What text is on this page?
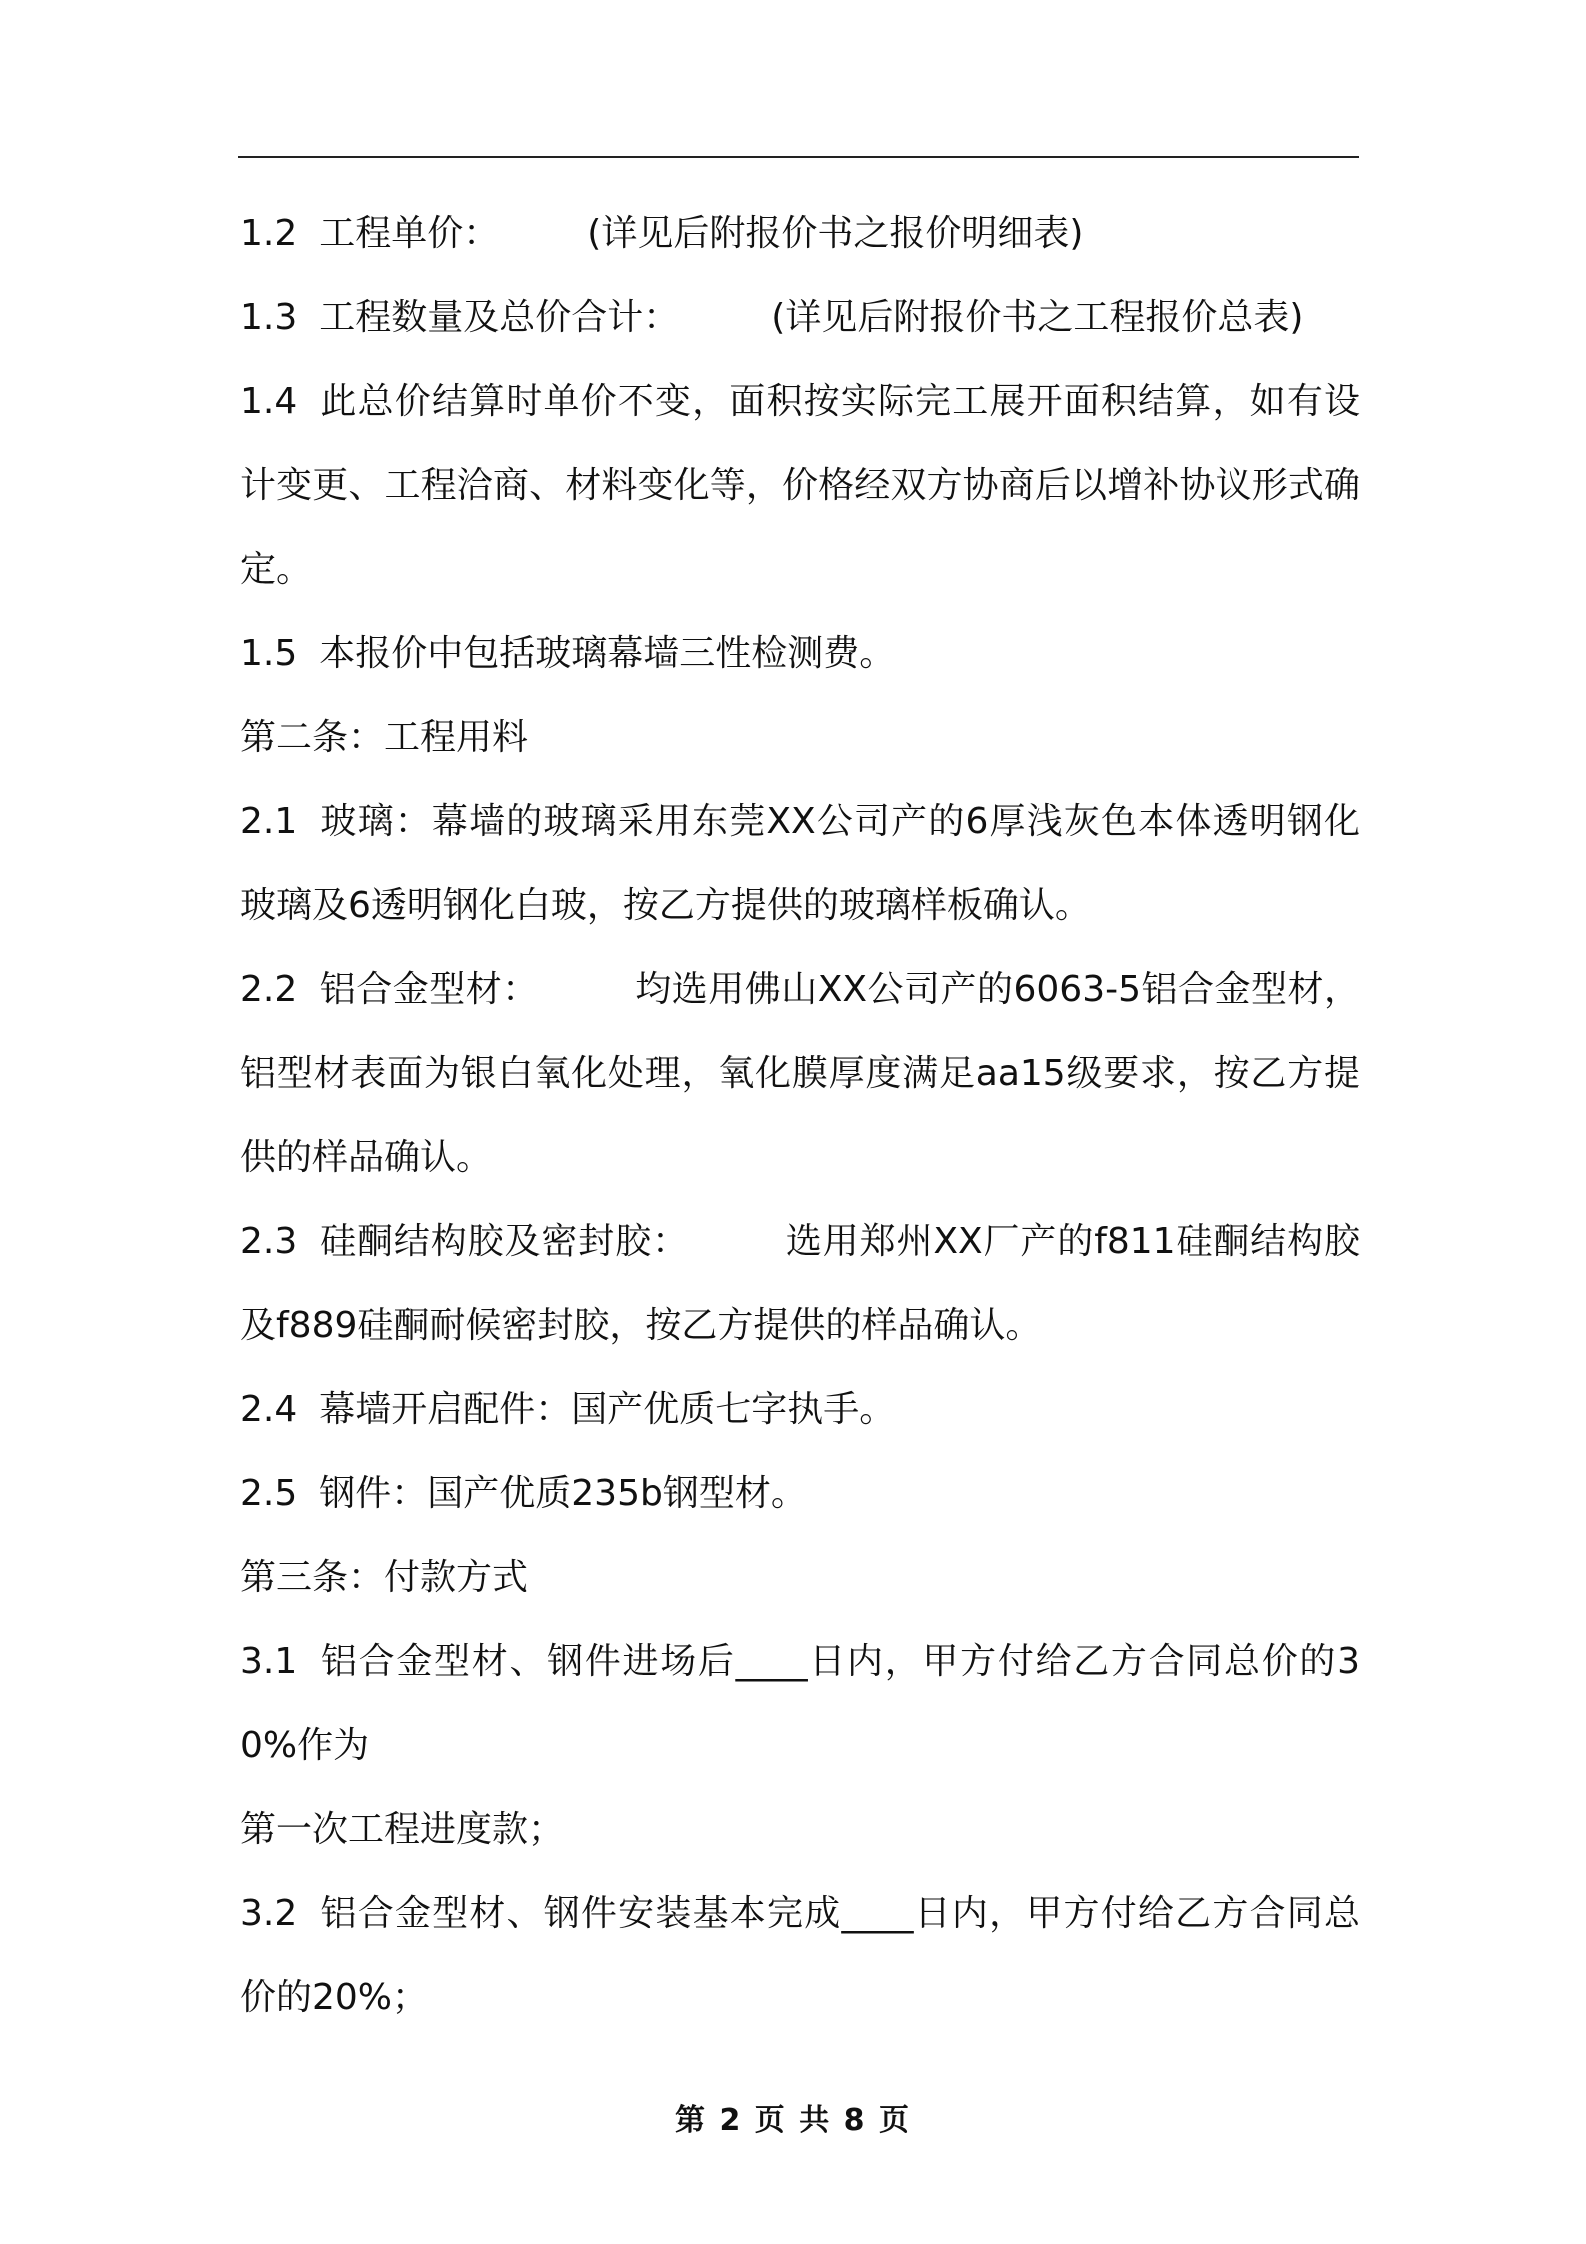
1.2 工程单价： (详见后附报价书之报价明细表)

1.3 工程数量及总价合计：	(详见后附报价书之工程报价总表)

1.4 此总价结算时单价不变，面积按实际完工展开面积结算，如有设计变更、工程洽商、材料变化等，价格经双方协商后以增补协议形式确定。

1.5 本报价中包括玻璃幕墙三性检测费。

第二条：工程用料

2.1 玻璃：幕墙的玻璃采用东莞XX公司产的6厚浅灰色本体透明钢化玻璃及6透明钢化白玻，按乙方提供的玻璃样板确认。

2.2 铝合金型材：	均选用佛山XX公司产的6063-5铝合金型材，铝型材表面为银白氧化处理，氧化膜厚度满足aa15级要求，按乙方提供的样品确认。

2.3 硅酮结构胶及密封胶：	选用郑州XX厂产的f811硅酮结构胶及f889硅酮耐候密封胶，按乙方提供的样品确认。

2.4 幕墙开启配件：国产优质七字执手。

2.5 钢件：国产优质235b钢型材。

第三条：付款方式

3.1 铝合金型材、钢件进场后____日内，甲方付给乙方合同总价的30%作为

第一次工程进度款；

3.2 铝合金型材、钢件安装基本完成____日内，甲方付给乙方合同总价的20%；

第 2 页 共 8 页
